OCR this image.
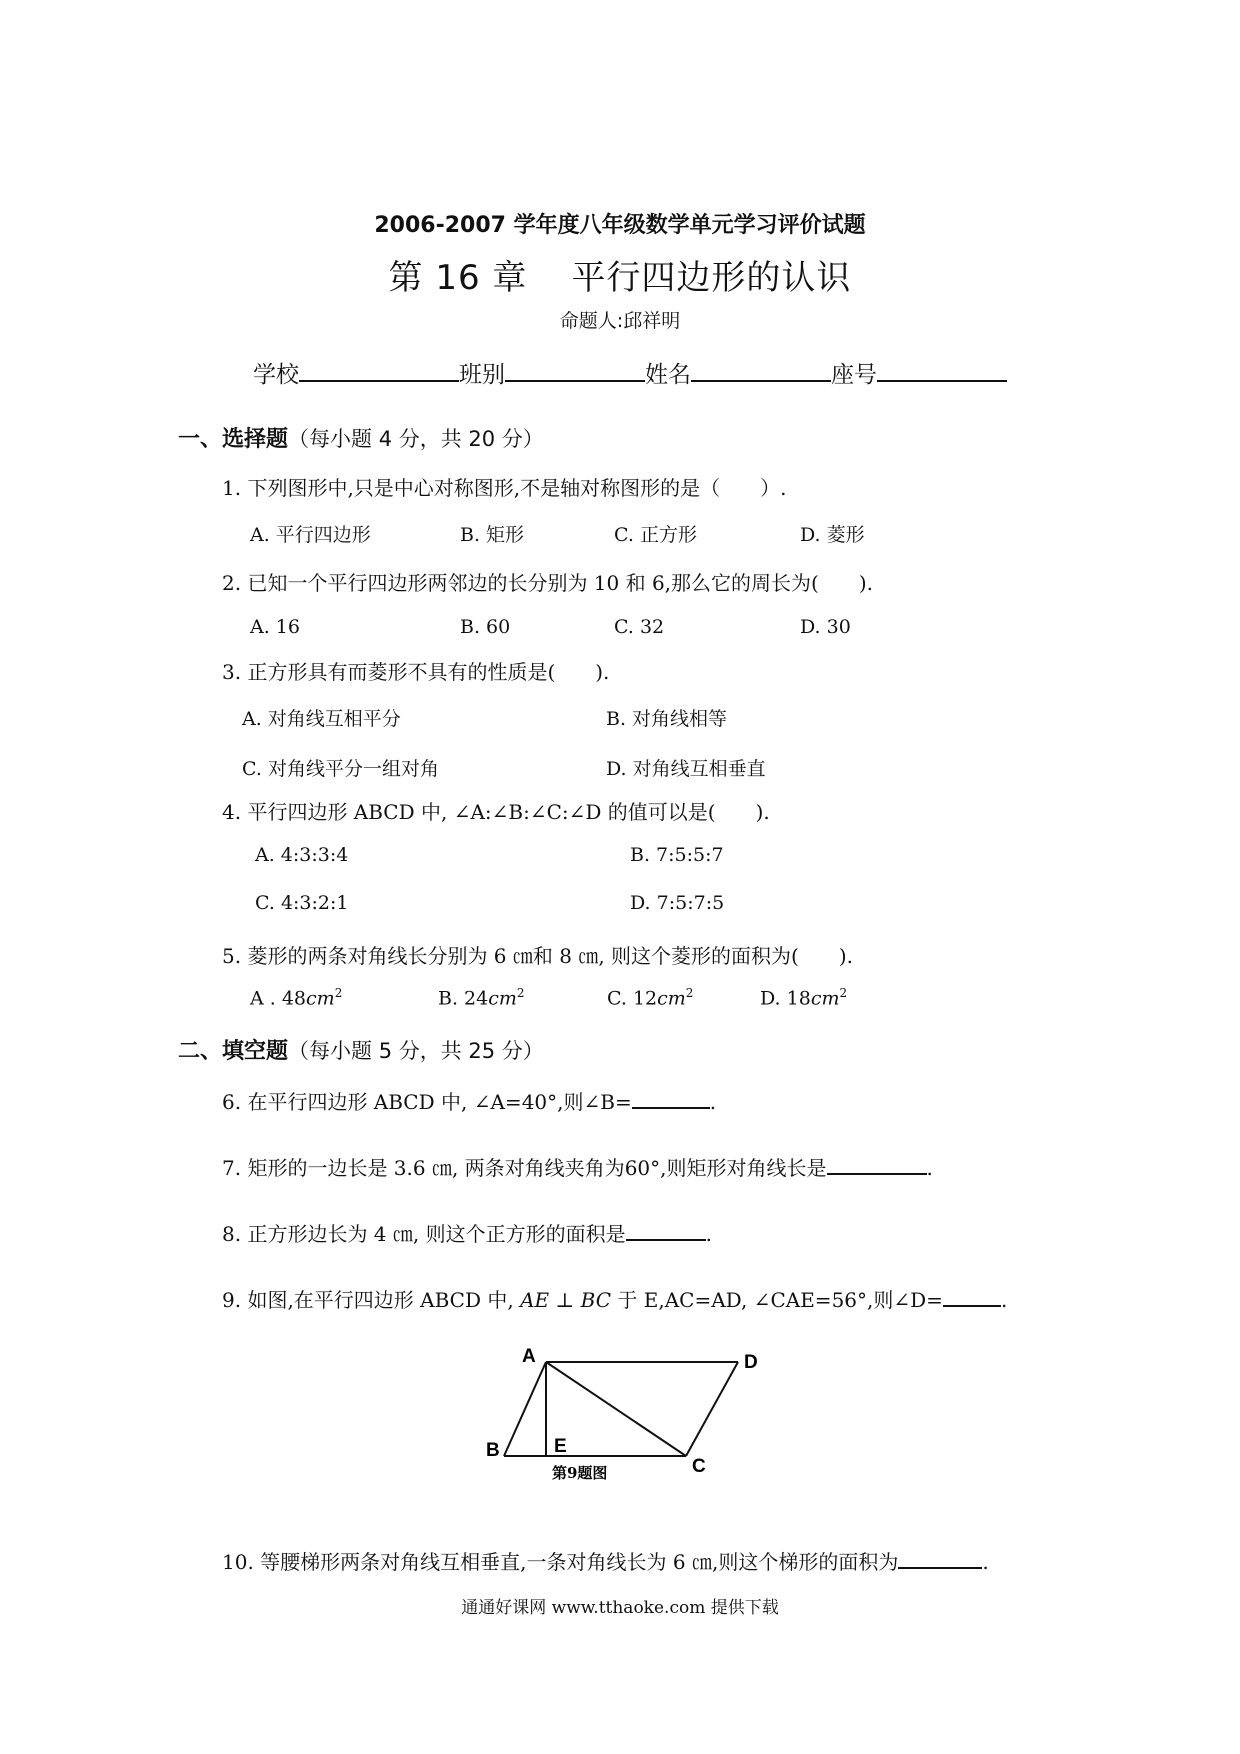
2006-2007 学年度八年级数学单元学习评价试题
第 16 章 平行四边形的认识
命题人:邱祥明
学校	班别	姓名	座号
一、选择题（每小题 4 分，共 20 分）
1. 下列图形中,只是中心对称图形,不是轴对称图形的是（　　）.
A. 平行四边形	B. 矩形	C. 正方形	D. 菱形
2. 已知一个平行四边形两邻边的长分别为 10 和 6,那么它的周长为(　　).
A. 16	B. 60	C. 32	D. 30
3. 正方形具有而菱形不具有的性质是(　　).
A. 对角线互相平分	B. 对角线相等
C. 对角线平分一组对角	D. 对角线互相垂直
4. 平行四边形 ABCD 中, ∠A:∠B:∠C:∠D 的值可以是(　　).
A. 4:3:3:4	B. 7:5:5:7
C. 4:3:2:1	D. 7:5:7:5
5. 菱形的两条对角线长分别为 6 ㎝和 8 ㎝, 则这个菱形的面积为(　　).
A . $48cm^2$	B. $24cm^2$	C. $12cm^2$	D. $18cm^2$
二、填空题（每小题 5 分，共 25 分）
6. 在平行四边形 ABCD 中, ∠A=40°,则∠B=	.
7. 矩形的一边长是 3.6 ㎝, 两条对角线夹角为60°,则矩形对角线长是	.
8. 正方形边长为 4 ㎝, 则这个正方形的面积是	.
9. 如图,在平行四边形 ABCD 中, AE ⊥ BC 于 E,AC=AD, ∠CAE=56°,则∠D=	.
A	D
B	E
C
第9题图
10. 等腰梯形两条对角线互相垂直,一条对角线长为 6 ㎝,则这个梯形的面积为	.
通通好课网 www.tthaoke.com 提供下载
